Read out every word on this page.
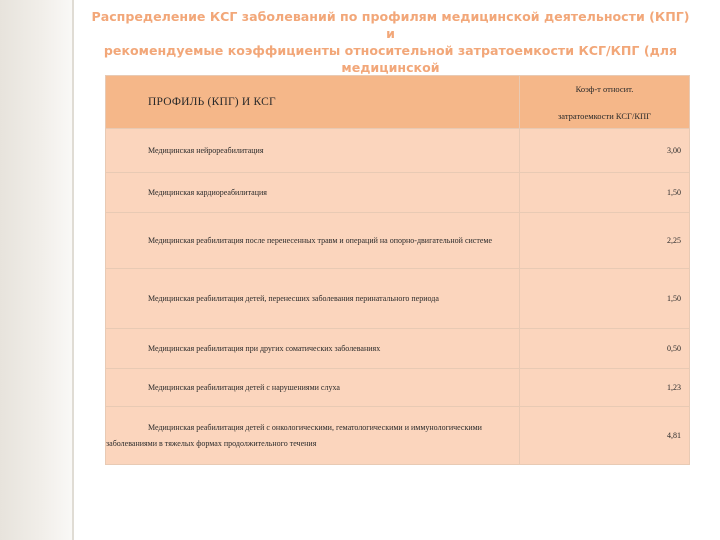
Распределение КСГ заболеваний по профилям медицинской деятельности (КПГ) и
рекомендуемые коэффициенты относительной затратоемкости КСГ/КПГ (для медицинской

ПРОФИЛЬ (КПГ) И КСГ	Коэф-т относит.
затратоемкости КСГ/КПГ

Медицинская нейрореабилитация	3,00

Медицинская кардиореабилитация	1,50

Медицинская реабилитация после перенесенных травм и операций на опорно-двигательной системе	2,25

Медицинская реабилитация детей, перенесших заболевания перинатального периода	1,50

Медицинская реабилитация при других соматических заболеваниях	0,50

Медицинская реабилитация детей с нарушениями слуха	1,23

Медицинская реабилитация детей с онкологическими, гематологическими и иммунологическими заболеваниями в тяжелых формах продолжительного течения	4,81
